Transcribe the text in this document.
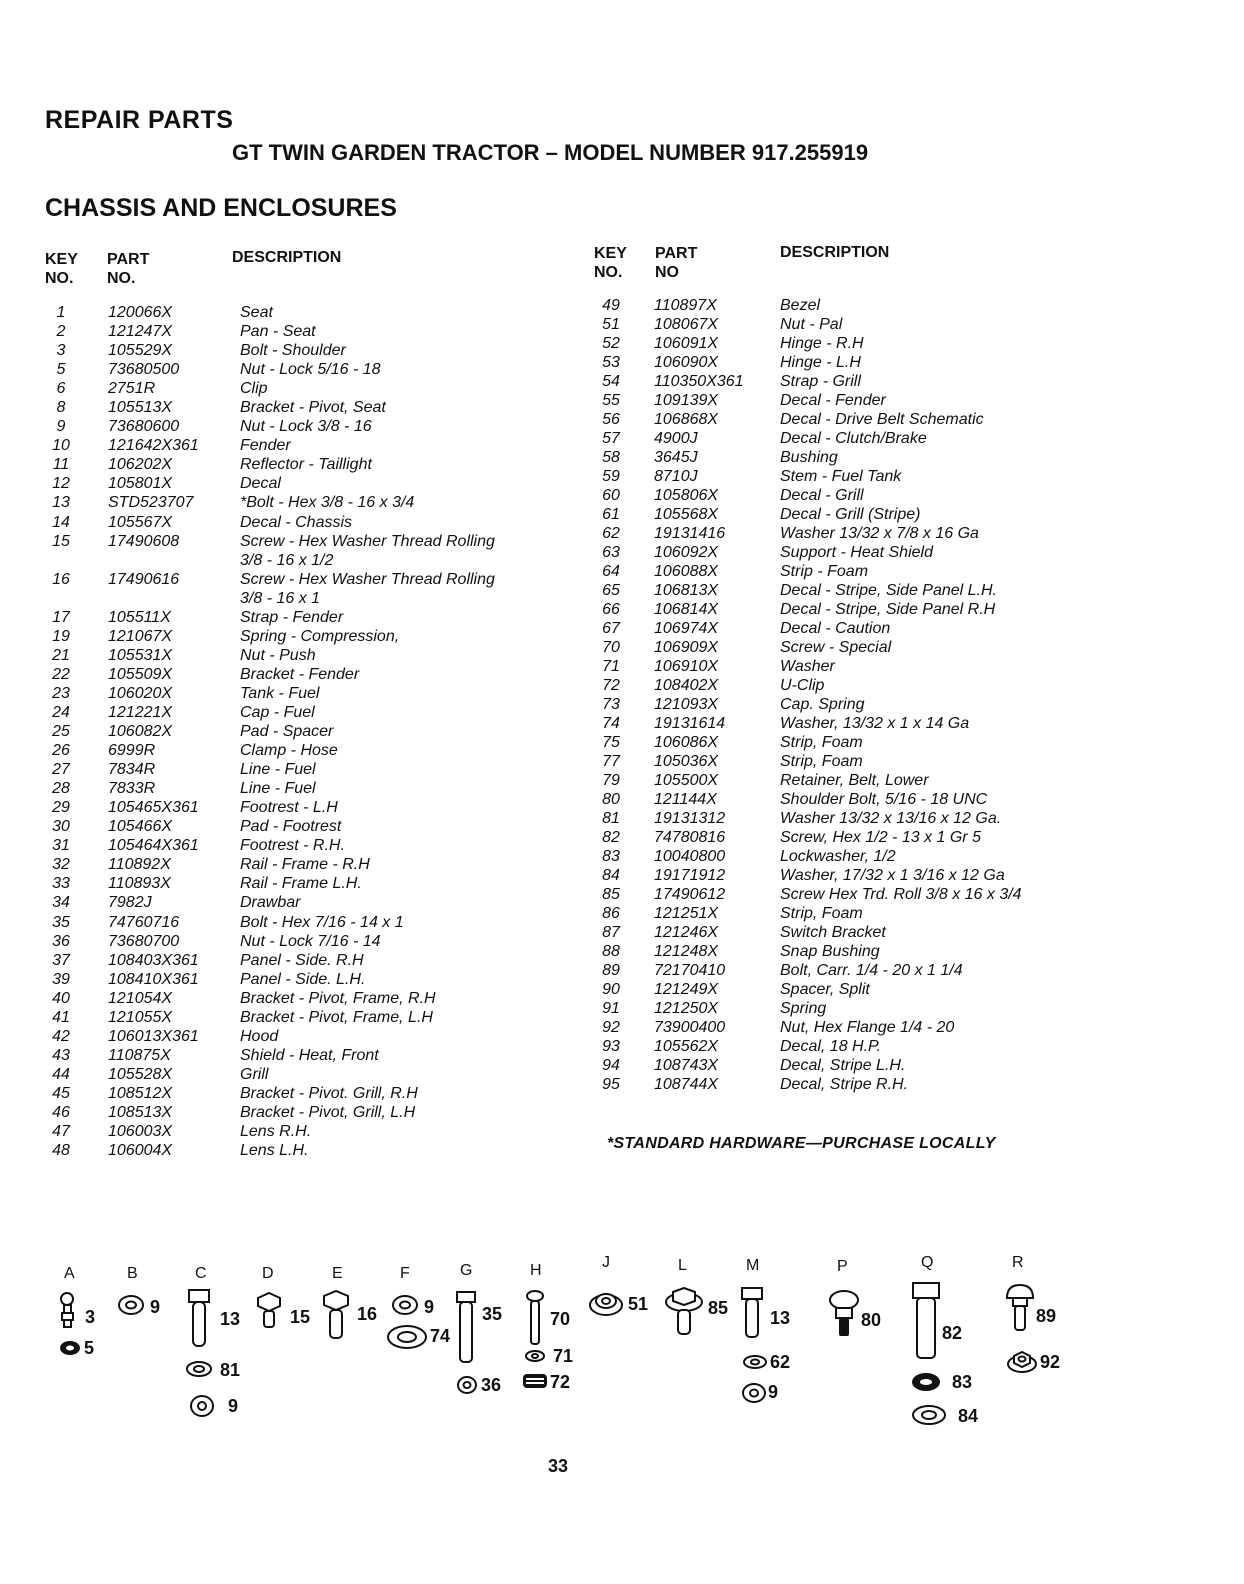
REPAIR PARTS
GT TWIN GARDEN TRACTOR – MODEL NUMBER 917.255919
CHASSIS AND ENCLOSURES
KEY
NO.
PART
NO.
DESCRIPTION	KEY
NO.
PART
NO
DESCRIPTION
1	120066X	Seat
2	121247X	Pan - Seat
3	105529X	Bolt - Shoulder
5	73680500	Nut - Lock 5/16 - 18
6	2751R	Clip
8	105513X	Bracket - Pivot, Seat
9	73680600	Nut - Lock 3/8 - 16
10	121642X361	Fender
11	106202X	Reflector - Taillight
12	105801X	Decal
13	STD523707	*Bolt - Hex 3/8 - 16 x 3/4
14	105567X	Decal - Chassis
15	17490608	Screw - Hex Washer Thread Rolling
3/8 - 16 x 1/2
16	17490616	Screw - Hex Washer Thread Rolling
3/8 - 16 x 1
17	105511X	Strap - Fender
19	121067X	Spring - Compression,
21	105531X	Nut - Push
22	105509X	Bracket - Fender
23	106020X	Tank - Fuel
24	121221X	Cap - Fuel
25	106082X	Pad - Spacer
26	6999R	Clamp - Hose
27	7834R	Line - Fuel
28	7833R	Line - Fuel
29	105465X361	Footrest - L.H
30	105466X	Pad - Footrest
31	105464X361	Footrest - R.H.
32	110892X	Rail - Frame - R.H
33	110893X	Rail - Frame L.H.
34	7982J	Drawbar
35	74760716	Bolt - Hex 7/16 - 14 x 1
36	73680700	Nut - Lock 7/16 - 14
37	108403X361	Panel - Side. R.H
39	108410X361	Panel - Side. L.H.
40	121054X	Bracket - Pivot, Frame, R.H
41	121055X	Bracket - Pivot, Frame, L.H
42	106013X361	Hood
43	110875X	Shield - Heat, Front
44	105528X	Grill
45	108512X	Bracket - Pivot. Grill, R.H
46	108513X	Bracket - Pivot, Grill, L.H
47	106003X	Lens R.H.
48	106004X	Lens L.H.
49	110897X	Bezel
51	108067X	Nut - Pal
52	106091X	Hinge - R.H
53	106090X	Hinge - L.H
54	110350X361 Strap - Grill
55	109139X	Decal - Fender
56	106868X	Decal - Drive Belt Schematic
57	4900J	Decal - Clutch/Brake
58	3645J	Bushing
59	8710J	Stem - Fuel Tank
60	105806X	Decal - Grill
61	105568X	Decal - Grill (Stripe)
62	19131416	Washer 13/32 x 7/8 x 16 Ga
63	106092X	Support - Heat Shield
64	106088X	Strip - Foam
65	106813X	Decal - Stripe, Side Panel L.H.
66	106814X	Decal - Stripe, Side Panel R.H
67	106974X	Decal - Caution
70	106909X	Screw - Special
71	106910X	Washer
72	108402X	U-Clip
73	121093X	Cap. Spring
74	19131614	Washer, 13/32 x 1 x 14 Ga
75	106086X	Strip, Foam
77	105036X	Strip, Foam
79	105500X	Retainer, Belt, Lower
80	121144X	Shoulder Bolt, 5/16 - 18 UNC
81	19131312	Washer 13/32 x 13/16 x 12 Ga.
82	74780816	Screw, Hex 1/2 - 13 x 1 Gr 5
83	10040800	Lockwasher, 1/2
84	19171912	Washer, 17/32 x 1 3/16 x 12 Ga
85	17490612	Screw Hex Trd. Roll 3/8 x 16 x 3/4
86	121251X	Strip, Foam
87	121246X	Switch Bracket
88	121248X	Snap Bushing
89	72170410	Bolt, Carr. 1/4 - 20 x 1 1/4
90	121249X	Spacer, Split
91	121250X	Spring
92	73900400	Nut, Hex Flange 1/4 - 20
93	105562X	Decal, 18 H.P.
94	108743X	Decal, Stripe L.H.
95	108744X	Decal, Stripe R.H.
*STANDARD HARDWARE—PURCHASE LOCALLY
A
3
5
B
9
C
13
81
9
D
15
E
16
F
9
74
G
35
36
H
70
71
72
J
51
L
85
M
13
62
9
P
80
Q
82
83
84
R
89
92
33
